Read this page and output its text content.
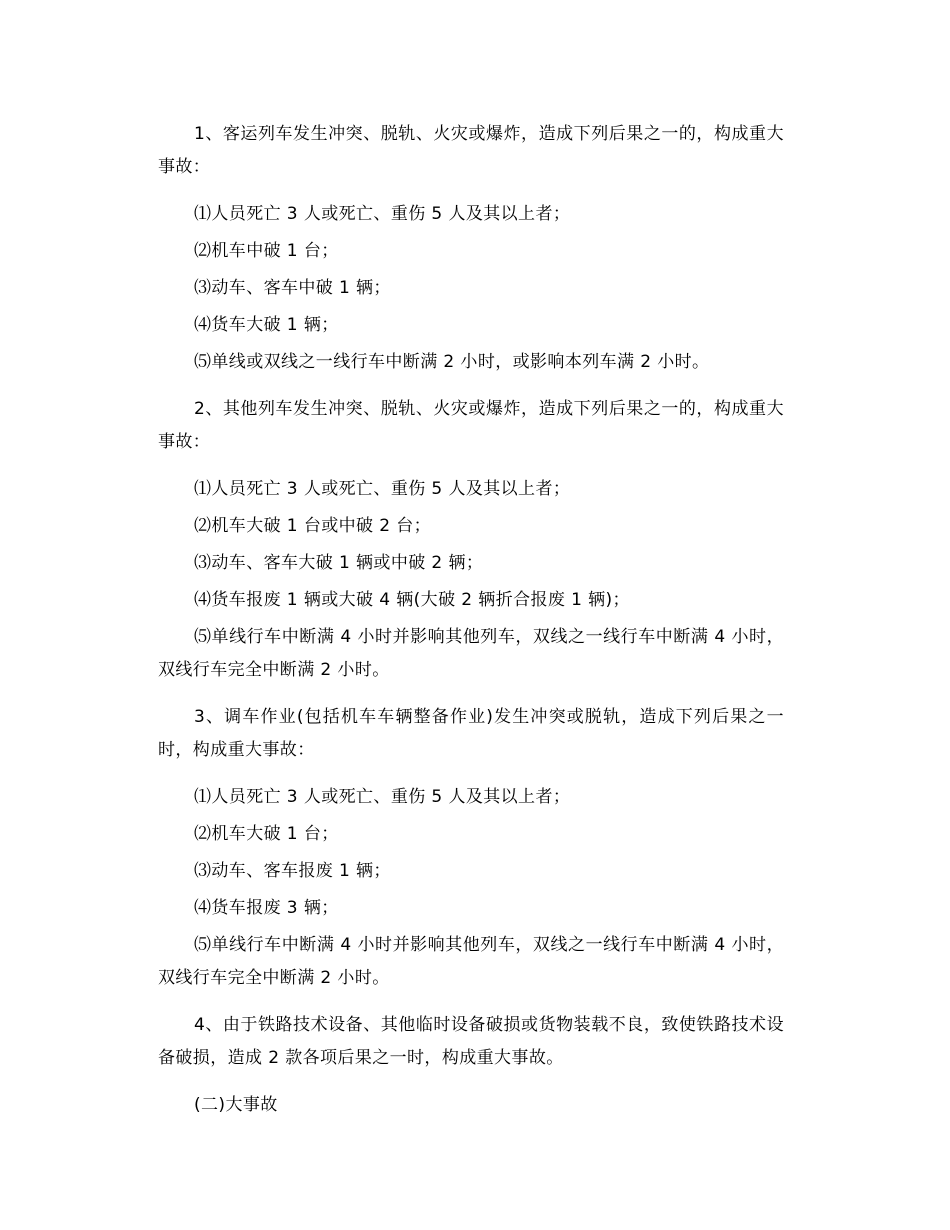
1、客运列车发生冲突、脱轨、火灾或爆炸，造成下列后果之一的，构成重大事故：

⑴人员死亡 3 人或死亡、重伤 5 人及其以上者；

⑵机车中破 1 台；

⑶动车、客车中破 1 辆；

⑷货车大破 1 辆；

⑸单线或双线之一线行车中断满 2 小时，或影响本列车满 2 小时。

2、其他列车发生冲突、脱轨、火灾或爆炸，造成下列后果之一的，构成重大事故：

⑴人员死亡 3 人或死亡、重伤 5 人及其以上者；

⑵机车大破 1 台或中破 2 台；

⑶动车、客车大破 1 辆或中破 2 辆；

⑷货车报废 1 辆或大破 4 辆(大破 2 辆折合报废 1 辆)；

⑸单线行车中断满 4 小时并影响其他列车，双线之一线行车中断满 4 小时，双线行车完全中断满 2 小时。

3、调车作业(包括机车车辆整备作业)发生冲突或脱轨，造成下列后果之一时，构成重大事故：

⑴人员死亡 3 人或死亡、重伤 5 人及其以上者；

⑵机车大破 1 台；

⑶动车、客车报废 1 辆；

⑷货车报废 3 辆；

⑸单线行车中断满 4 小时并影响其他列车，双线之一线行车中断满 4 小时，双线行车完全中断满 2 小时。

4、由于铁路技术设备、其他临时设备破损或货物装载不良，致使铁路技术设备破损，造成 2 款各项后果之一时，构成重大事故。

(二)大事故
